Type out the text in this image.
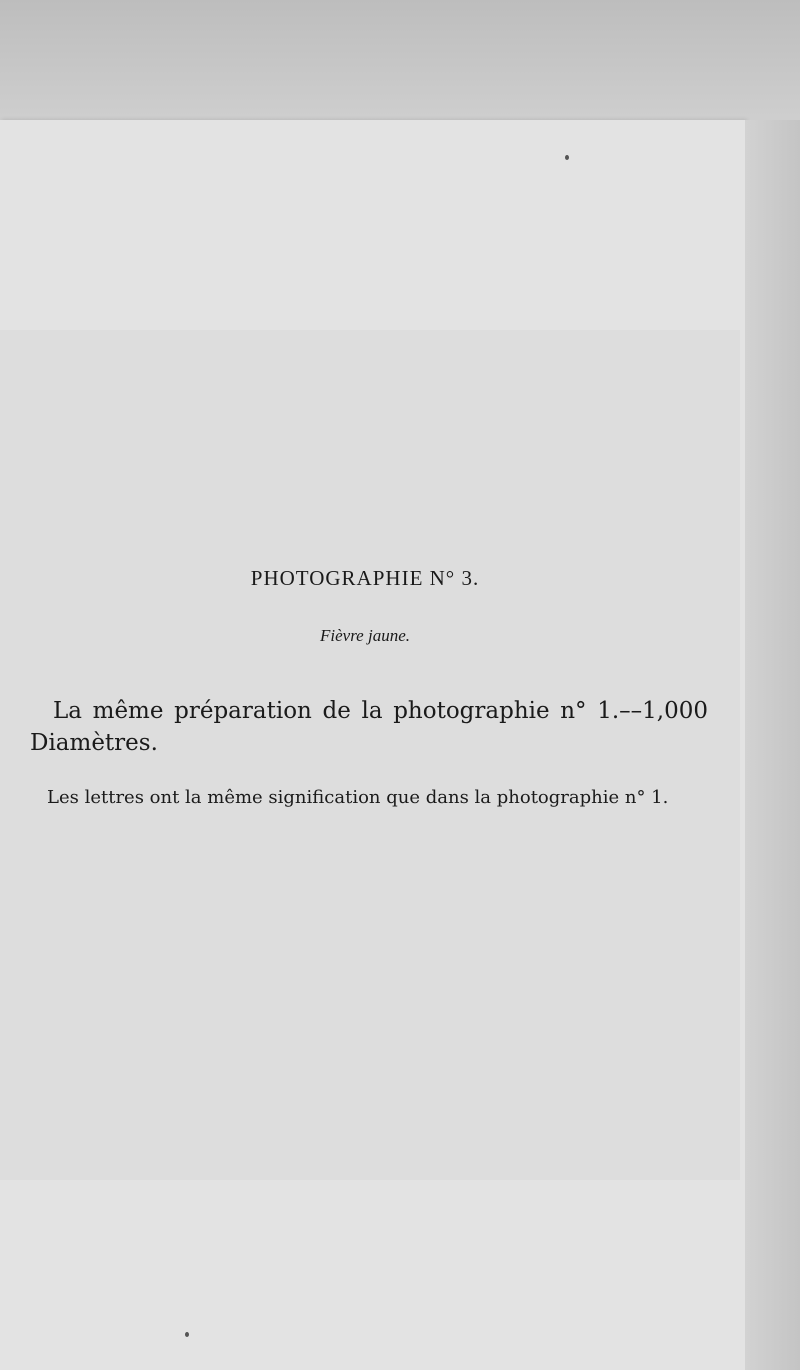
PHOTOGRAPHIE N° 3.
Fièvre jaune.
La même préparation de la photographie n° 1.––1,000 Diamètres.
Les lettres ont la même signification que dans la photographie n° 1.
